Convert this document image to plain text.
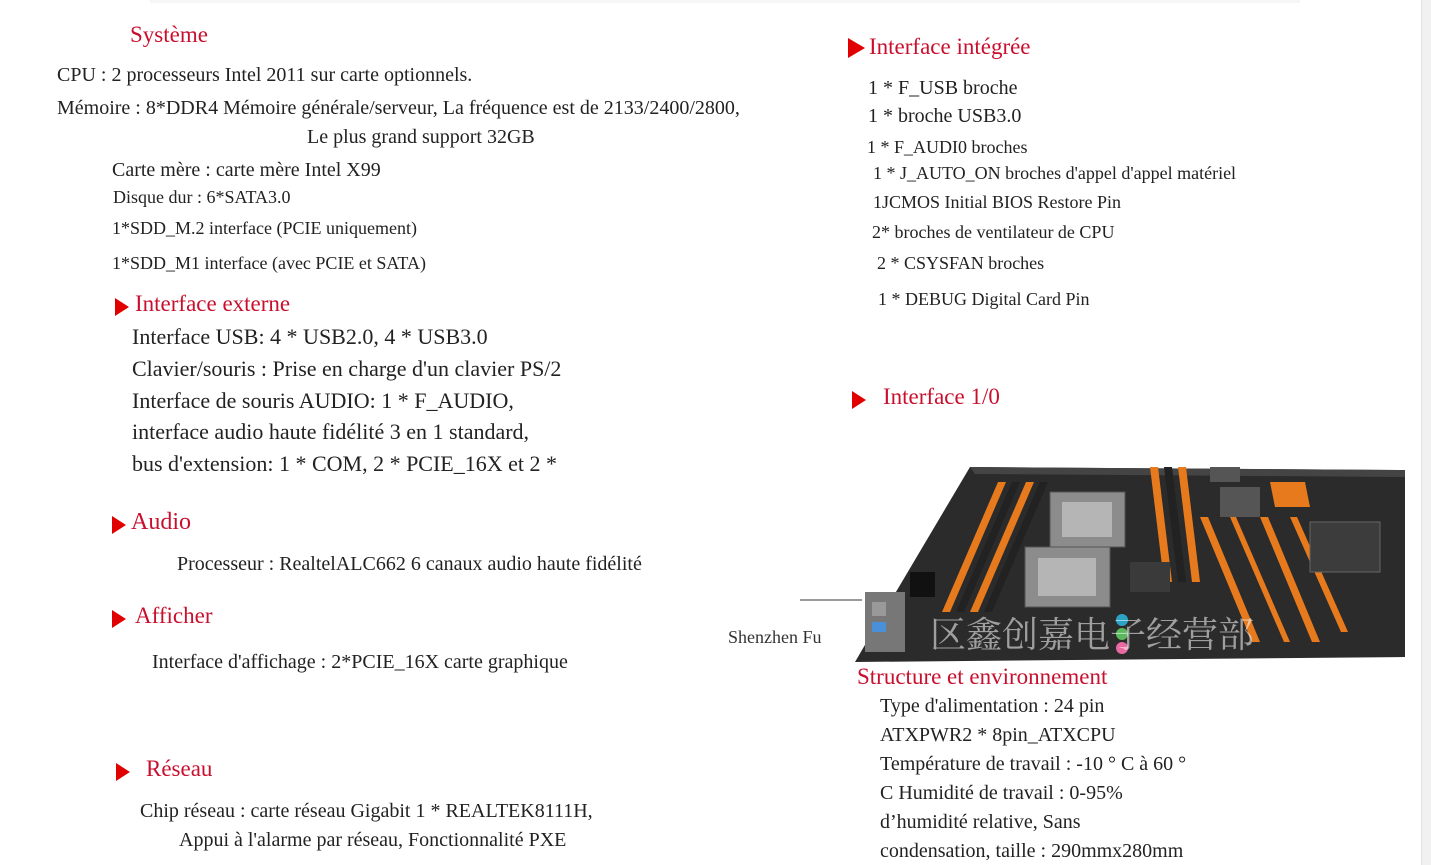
Système
CPU : 2 processeurs Intel 2011 sur carte optionnels.
Mémoire : 8*DDR4 Mémoire générale/serveur, La fréquence est de 2133/2400/2800,
Le plus grand support 32GB
Carte mère : carte mère Intel X99
Disque dur : 6*SATA3.0
1*SDD_M.2 interface (PCIE uniquement)
1*SDD_M1 interface (avec PCIE et SATA)
Interface externe
Interface USB: 4 * USB2.0, 4 * USB3.0
Clavier/souris : Prise en charge d'un clavier PS/2
Interface de souris AUDIO: 1 * F_AUDIO,
interface audio haute fidélité 3 en 1 standard,
bus d'extension: 1 * COM, 2 * PCIE_16X et 2 *
Audio
Processeur : RealtelALC662 6 canaux audio haute fidélité
Afficher
Interface d'affichage : 2*PCIE_16X carte graphique
Réseau
Chip réseau : carte réseau Gigabit 1 * REALTEK8111H,
Appui à l'alarme par réseau, Fonctionnalité PXE
Interface intégrée
1 * F_USB broche
1 * broche USB3.0
1 * F_AUDI0 broches
1 * J_AUTO_ON broches d'appel d'appel matériel
1JCMOS Initial BIOS Restore Pin
2* broches de ventilateur de CPU
2 * CSYSFAN broches
1 * DEBUG Digital Card Pin
Interface 1/0
Shenzhen Fu	区鑫创嘉电子经营部
Structure et environnement
Type d'alimentation : 24 pin
ATXPWR2 * 8pin_ATXCPU
Température de travail : -10 ° C à 60 °
C Humidité de travail : 0-95%
d’humidité relative, Sans
condensation, taille : 290mmx280mm
